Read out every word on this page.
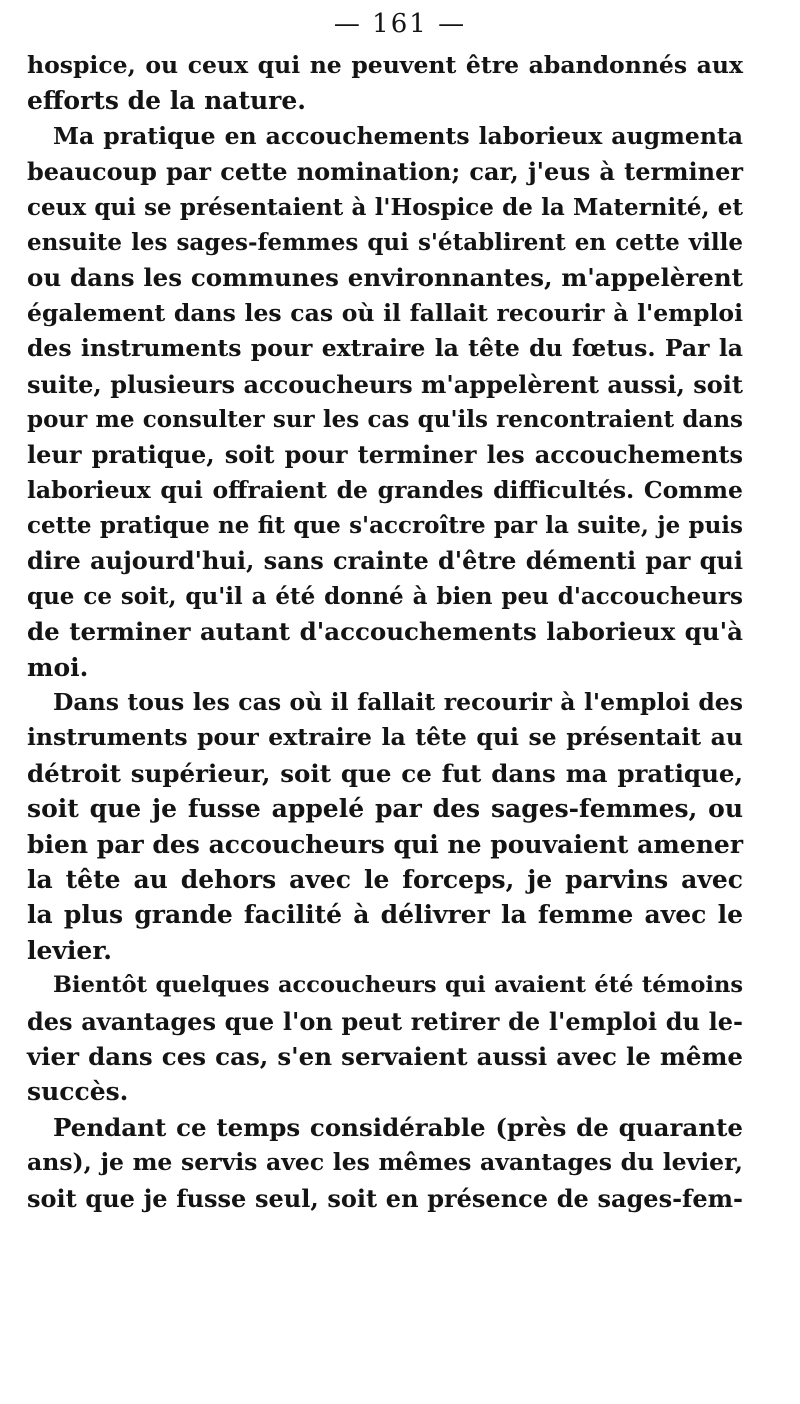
— 161 —
hospice, ou ceux qui ne peuvent être abandonnés aux
efforts de la nature.
Ma pratique en accouchements laborieux augmenta
beaucoup par cette nomination; car, j'eus à terminer
ceux qui se présentaient à l'Hospice de la Maternité, et
ensuite les sages-femmes qui s'établirent en cette ville
ou dans les communes environnantes, m'appelèrent
également dans les cas où il fallait recourir à l'emploi
des instruments pour extraire la tête du fœtus. Par la
suite, plusieurs accoucheurs m'appelèrent aussi, soit
pour me consulter sur les cas qu'ils rencontraient dans
leur pratique, soit pour terminer les accouchements
laborieux qui offraient de grandes difficultés. Comme
cette pratique ne fit que s'accroître par la suite, je puis
dire aujourd'hui, sans crainte d'être démenti par qui
que ce soit, qu'il a été donné à bien peu d'accoucheurs
de terminer autant d'accouchements laborieux qu'à
moi.
Dans tous les cas où il fallait recourir à l'emploi des
instruments pour extraire la tête qui se présentait au
détroit supérieur, soit que ce fut dans ma pratique,
soit que je fusse appelé par des sages-femmes, ou
bien par des accoucheurs qui ne pouvaient amener
la tête au dehors avec le forceps, je parvins avec
la plus grande facilité à délivrer la femme avec le
levier.
Bientôt quelques accoucheurs qui avaient été témoins
des avantages que l'on peut retirer de l'emploi du le-
vier dans ces cas, s'en servaient aussi avec le même
succès.
Pendant ce temps considérable (près de quarante
ans), je me servis avec les mêmes avantages du levier,
soit que je fusse seul, soit en présence de sages-fem-
